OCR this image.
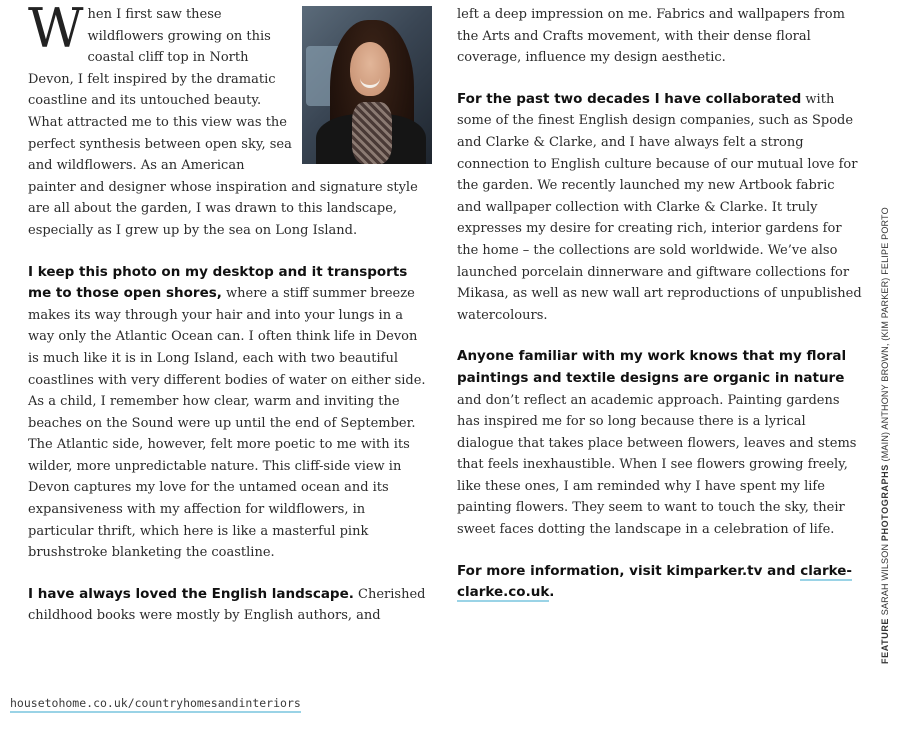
When I first saw these wildflowers growing on this coastal cliff top in North Devon, I felt inspired by the dramatic coastline and its untouched beauty. What attracted me to this view was the perfect synthesis between open sky, sea and wildflowers. As an American painter and designer whose inspiration and signature style are all about the garden, I was drawn to this landscape, especially as I grew up by the sea on Long Island.

I keep this photo on my desktop and it transports me to those open shores, where a stiff summer breeze makes its way through your hair and into your lungs in a way only the Atlantic Ocean can. I often think life in Devon is much like it is in Long Island, each with two beautiful coastlines with very different bodies of water on either side. As a child, I remember how clear, warm and inviting the beaches on the Sound were up until the end of September. The Atlantic side, however, felt more poetic to me with its wilder, more unpredictable nature. This cliff-side view in Devon captures my love for the untamed ocean and its expansiveness with my affection for wildflowers, in particular thrift, which here is like a masterful pink brushstroke blanketing the coastline.

I have always loved the English landscape. Cherished childhood books were mostly by English authors, and

left a deep impression on me. Fabrics and wallpapers from the Arts and Crafts movement, with their dense floral coverage, influence my design aesthetic.

For the past two decades I have collaborated with some of the finest English design companies, such as Spode and Clarke & Clarke, and I have always felt a strong connection to English culture because of our mutual love for the garden. We recently launched my new Artbook fabric and wallpaper collection with Clarke & Clarke. It truly expresses my desire for creating rich, interior gardens for the home – the collections are sold worldwide. We’ve also launched porcelain dinnerware and giftware collections for Mikasa, as well as new wall art reproductions of unpublished watercolours.

Anyone familiar with my work knows that my floral paintings and textile designs are organic in nature and don’t reflect an academic approach. Painting gardens has inspired me for so long because there is a lyrical dialogue that takes place between flowers, leaves and stems that feels inexhaustible. When I see flowers growing freely, like these ones, I am reminded why I have spent my life painting flowers. They seem to want to touch the sky, their sweet faces dotting the landscape in a celebration of life.

For more information, visit kimparker.tv and clarke-clarke.co.uk.

FEATURE SARAH WILSON PHOTOGRAPHS (MAIN) ANTHONY BROWN, (KIM PARKER) FELIPE PORTO
housetohome.co.uk/countryhomesandinteriors
